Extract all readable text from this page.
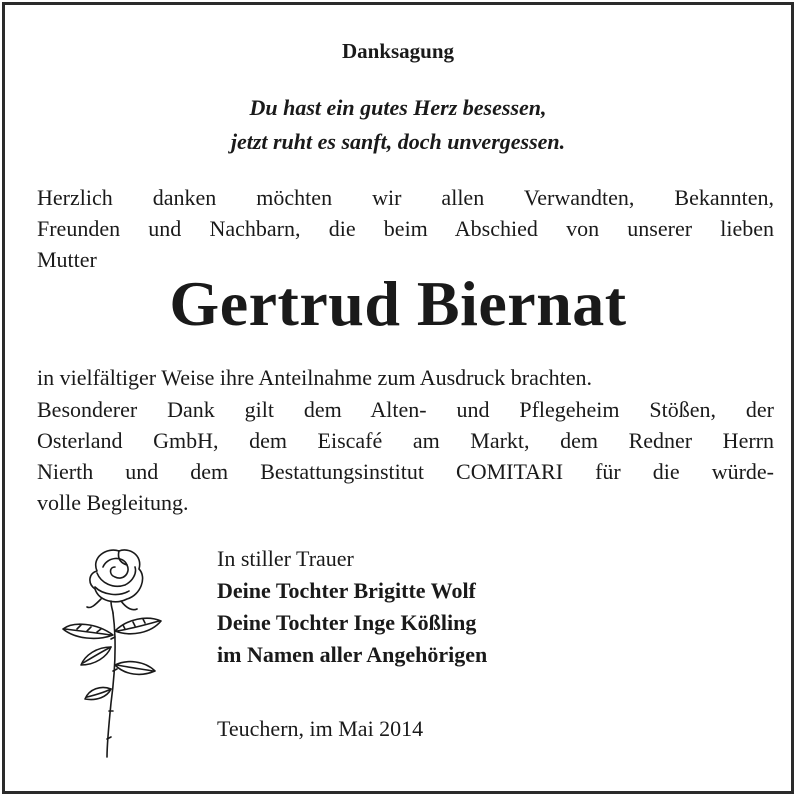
Danksagung
Du hast ein gutes Herz besessen,
jetzt ruht es sanft, doch unvergessen.
Herzlich danken möchten wir allen Verwandten, Bekannten,
Freunden und Nachbarn, die beim Abschied von unserer lieben
Mutter
Gertrud Biernat
in vielfältiger Weise ihre Anteilnahme zum Ausdruck brachten.
Besonderer Dank gilt dem Alten- und Pflegeheim Stößen, der
Osterland GmbH, dem Eiscafé am Markt, dem Redner Herrn
Nierth und dem Bestattungsinstitut COMITARI für die würde-
volle Begleitung.
In stiller Trauer
Deine Tochter Brigitte Wolf
Deine Tochter Inge Kößling
im Namen aller Angehörigen
Teuchern, im Mai 2014
